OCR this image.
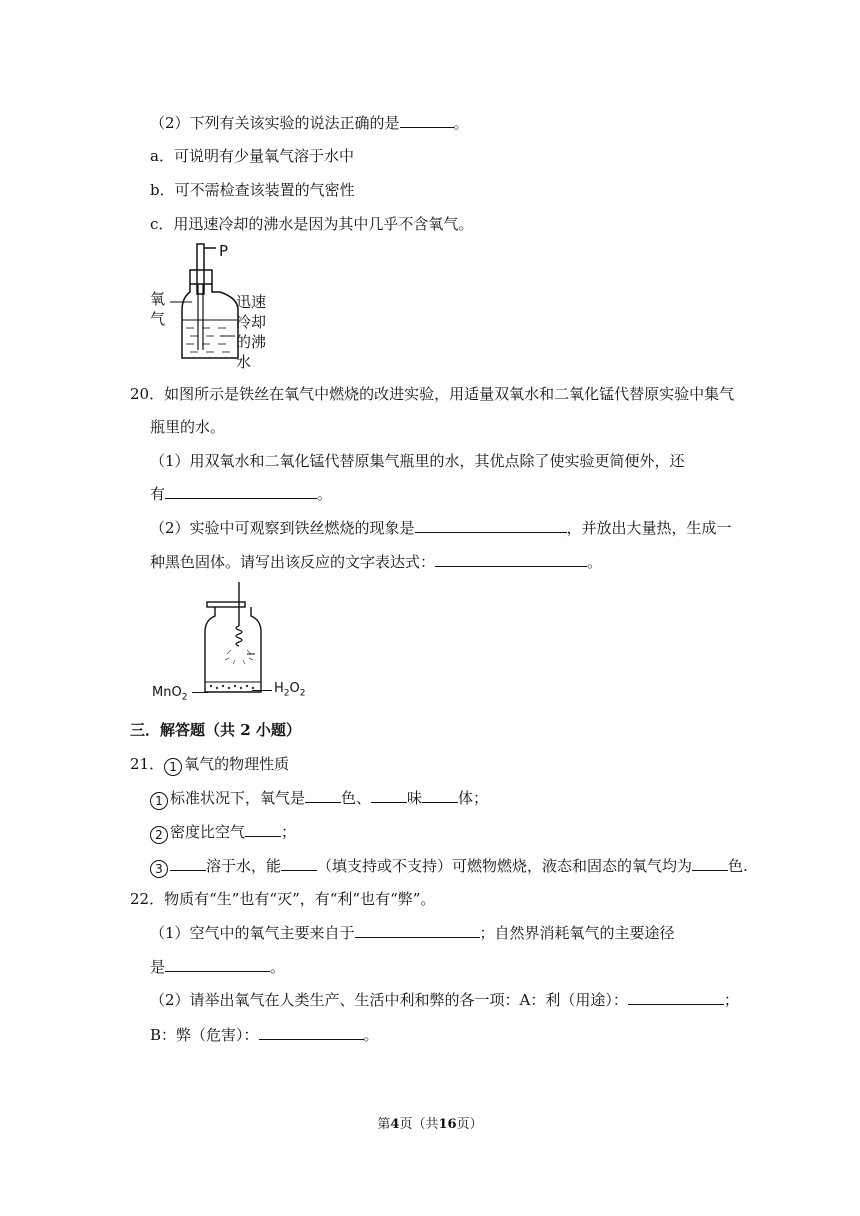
（2）下列有关该实验的说法正确的是	。
a．可说明有少量氧气溶于水中
b．可不需检查该装置的气密性
c．用迅速冷却的沸水是因为其中几乎不含氧气。
P
氧
气
迅速
冷却
的沸
水
20．如图所示是铁丝在氧气中燃烧的改进实验，用适量双氧水和二氧化锰代替原实验中集气
瓶里的水。
（1）用双氧水和二氧化锰代替原集气瓶里的水，其优点除了使实验更简便外，还
有	。
（2）实验中可观察到铁丝燃烧的现象是	，并放出大量热，生成一
种黑色固体。请写出该反应的文字表达式：	。
MnO$_2$
$H_2O_2$
三．解答题（共 2 小题）
21． 1 氧气的物理性质
1 标准状况下，氧气是 色、 味 体；
2 密度比空气 ；
3	溶于水，能 （填支持或不支持）可燃物燃烧，液态和固态的氧气均为 色.
22．物质有“生”也有“灭”，有“利”也有“弊”。
（1）空气中的氧气主要来自于	；自然界消耗氧气的主要途径
是	。
（2）请举出氧气在人类生产、生活中利和弊的各一项：A：利（用途）：	；
B：弊（危害）：	。
第4页（共16页）
